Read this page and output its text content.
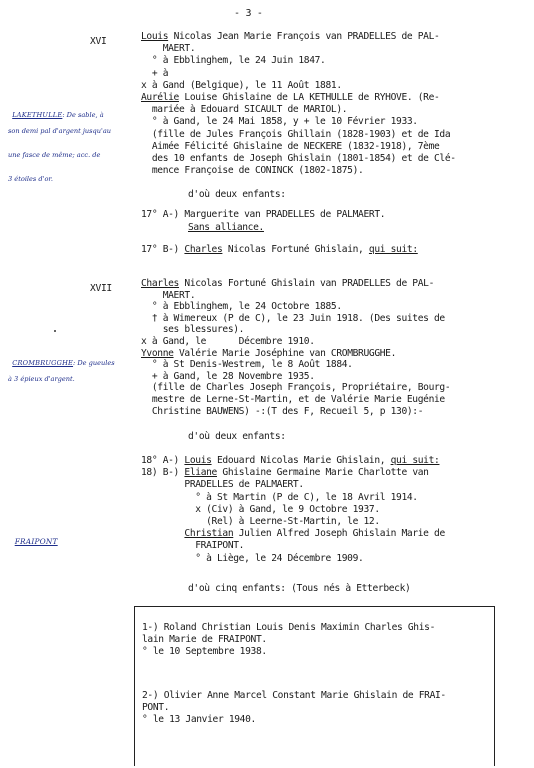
- 3 -

LAKETHULLE: De sable, à

son demi pal d'argent jusqu'au

une fasce de même; acc. de

3 étoiles d'or.

CROMBRUGGHE: De gueules

à 3 épieux d'argent.

FRAIPONT

XVI
XVII
Louis Nicolas Jean Marie François van PRADELLES de PAL-
MAERT.
° à Ebblinghem, le 24 Juin 1847.
+ à
x à Gand (Belgique), le 11 Août 1881.
Aurélie Louise Ghislaine de LA KETHULLE de RYHOVE. (Re-
mariée à Edouard SICAULT de MARIOL).
° à Gand, le 24 Mai 1858, y + le 10 Février 1933.
(fille de Jules François Ghillain (1828-1903) et de Ida
Aimée Félicité Ghislaine de NECKERE (1832-1918), 7ème
des 10 enfants de Joseph Ghislain (1801-1854) et de Clé-
mence Françoise de CONINCK (1802-1875).
d'où deux enfants:
17° A-) Marguerite van PRADELLES de PALMAERT.
Sans alliance.
17° B-) Charles Nicolas Fortuné Ghislain, qui suit:
Charles Nicolas Fortuné Ghislain van PRADELLES de PAL-
MAERT.
° à Ebblinghem, le 24 Octobre 1885.
† à Wimereux (P de C), le 23 Juin 1918. (Des suites de
ses blessures).
x à Gand, le      Décembre 1910.
Yvonne Valérie Marie Joséphine van CROMBRUGGHE.
° à St Denis-Westrem, le 8 Août 1884.
+ à Gand, le 28 Novembre 1935.
(fille de Charles Joseph François, Propriétaire, Bourg-
mestre de Lerne-St-Martin, et de Valérie Marie Eugénie
Christine BAUWENS) -:(T des F, Recueil 5, p 130):-
d'où deux enfants:
18° A-) Louis Edouard Nicolas Marie Ghislain, qui suit:
18) B-) Eliane Ghislaine Germaine Marie Charlotte van
PRADELLES de PALMAERT.
° à St Martin (P de C), le 18 Avril 1914.
x (Civ) à Gand, le 9 Octobre 1937.
(Rel) à Leerne-St-Martin, le 12.
Christian Julien Alfred Joseph Ghislain Marie de
FRAIPONT.
° à Liège, le 24 Décembre 1909.
d'où cinq enfants: (Tous nés à Etterbeck)
1-) Roland Christian Louis Denis Maximin Charles Ghis-
lain Marie de FRAIPONT.
° le 10 Septembre 1938.
2-) Olivier Anne Marcel Constant Marie Ghislain de FRAI-
PONT.
° le 13 Janvier 1940.
